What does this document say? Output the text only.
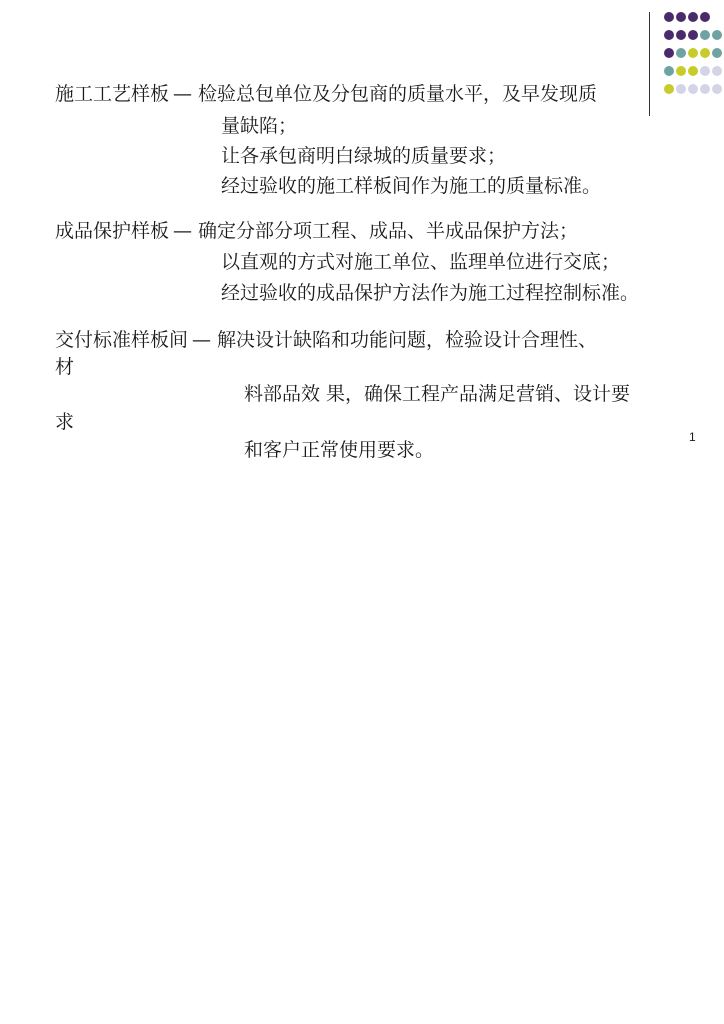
施工工艺样板 — 检验总包单位及分包商的质量水平，及早发现质
量缺陷；
让各承包商明白绿城的质量要求；
经过验收的施工样板间作为施工的质量标准。
成品保护样板 — 确定分部分项工程、成品、半成品保护方法；
以直观的方式对施工单位、监理单位进行交底；
经过验收的成品保护方法作为施工过程控制标准。
交付标准样板间 — 解决设计缺陷和功能问题，检验设计合理性、
材
料部品效 果，确保工程产品满足营销、设计要
求
和客户正常使用要求。
1
